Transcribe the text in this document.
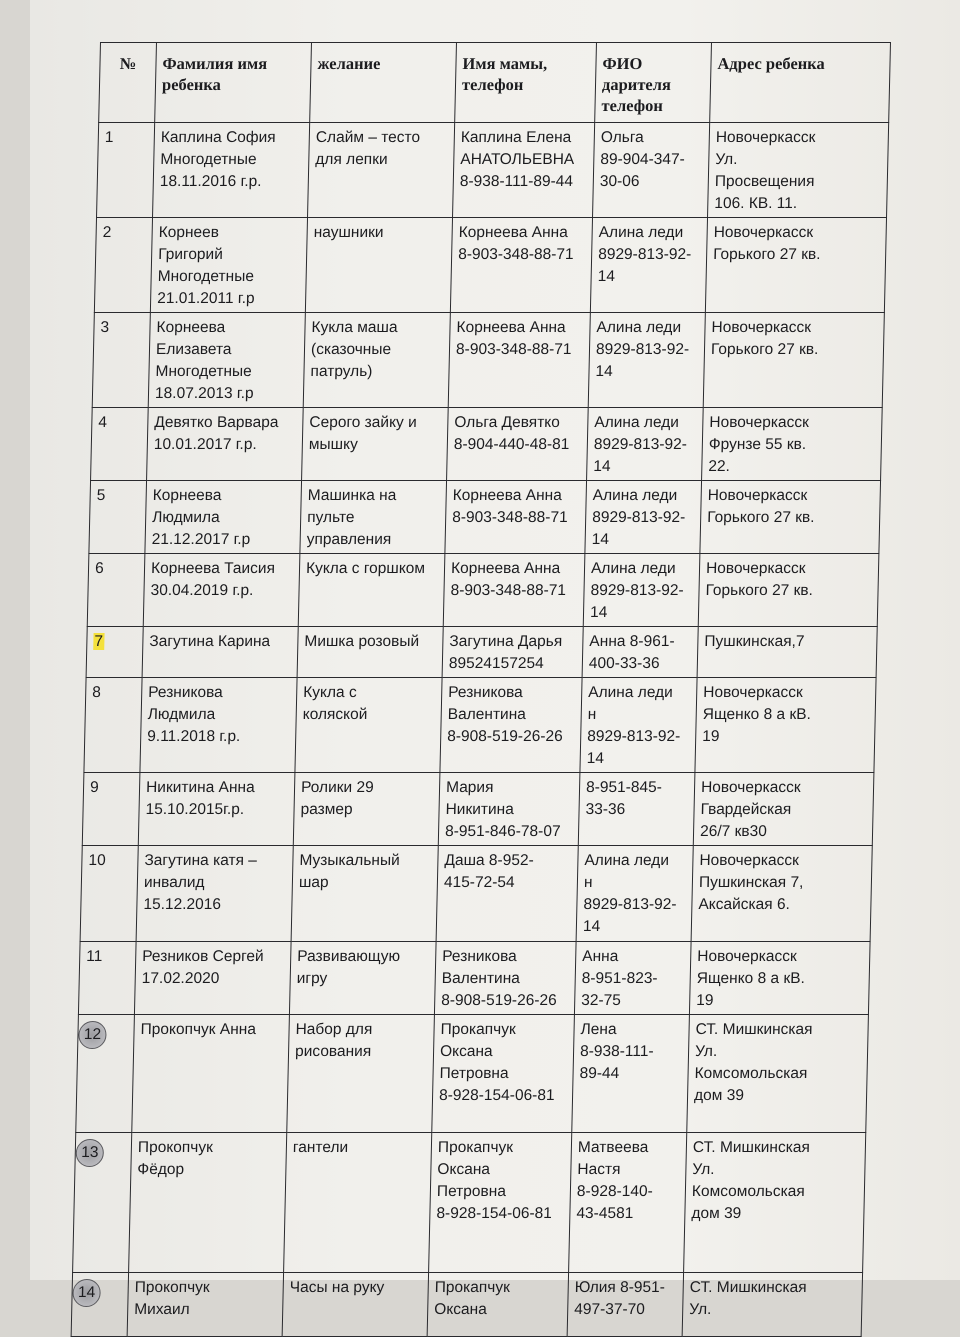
№	Фамилия имя ребенка	желание	Имя мамы, телефон	ФИО дарителя телефон	Адрес ребенка
1	Каплина София
Многодетные
18.11.2016 г.р.	Слайм – тесто
для лепки	Каплина Елена
АНАТОЛЬЕВНА
8-938-111-89-44	Ольга
89-904-347-
30-06	Новочеркасск
Ул.
Просвещения
106. КВ. 11.
2	Корнеев
Григорий
Многодетные
21.01.2011 г.р	наушники	Корнеева Анна
8-903-348-88-71	Алина леди
8929-813-92-
14	Новочеркасск
Горького 27 кв.
3	Корнеева
Елизавета
Многодетные
18.07.2013 г.р	Кукла маша
(сказочные
патруль)	Корнеева Анна
8-903-348-88-71	Алина леди
8929-813-92-
14	Новочеркасск
Горького 27 кв.
4	Девятко Варвара
10.01.2017 г.р.	Серого зайку и
мышку	Ольга Девятко
8-904-440-48-81	Алина леди
8929-813-92-
14	Новочеркасск
Фрунзе 55 кв.
22.
5	Корнеева
Людмила
21.12.2017 г.р	Машинка на
пульте
управления	Корнеева Анна
8-903-348-88-71	Алина леди
8929-813-92-
14	Новочеркасск
Горького 27 кв.
6	Корнеева Таисия
30.04.2019 г.р.	Кукла с горшком	Корнеева Анна
8-903-348-88-71	Алина леди
8929-813-92-
14	Новочеркасск
Горького 27 кв.
7	Загутина Карина	Мишка розовый	Загутина Дарья
89524157254	Анна 8-961-
400-33-36	Пушкинская,7
8	Резникова
Людмила
9.11.2018 г.р.	Кукла с
коляской	Резникова
Валентина
8-908-519-26-26	Алина леди
н
8929-813-92-
14	Новочеркасск
Ященко 8 а кВ.
19
9	Никитина Анна
15.10.2015г.р.	Ролики 29
размер	Мария
Никитина
8-951-846-78-07	8-951-845-
33-36	Новочеркасск
Гвардейская
26/7 кв30
10	Загутина катя –
инвалид
15.12.2016	Музыкальный
шар	Даша 8-952-
415-72-54	Алина леди
н
8929-813-92-
14	Новочеркасск
Пушкинская 7,
Аксайская 6.
11	Резников Сергей
17.02.2020	Развивающую
игру	Резникова
Валентина
8-908-519-26-26	Анна
8-951-823-
32-75	Новочеркасск
Ященко 8 а кВ.
19
12	Прокопчук Анна	Набор для
рисования	Прокапчук
Оксана
Петровна
8-928-154-06-81	Лена
8-938-111-
89-44	СТ. Мишкинская
Ул.
Комсомольская
дом 39
13	Прокопчук
Фёдор	гантели	Прокапчук
Оксана
Петровна
8-928-154-06-81	Матвеева
Настя
8-928-140-
43-4581	СТ. Мишкинская
Ул.
Комсомольская
дом 39
14	Прокопчук
Михаил	Часы на руку	Прокапчук
Оксана	Юлия 8-951-
497-37-70	СТ. Мишкинская
Ул.
